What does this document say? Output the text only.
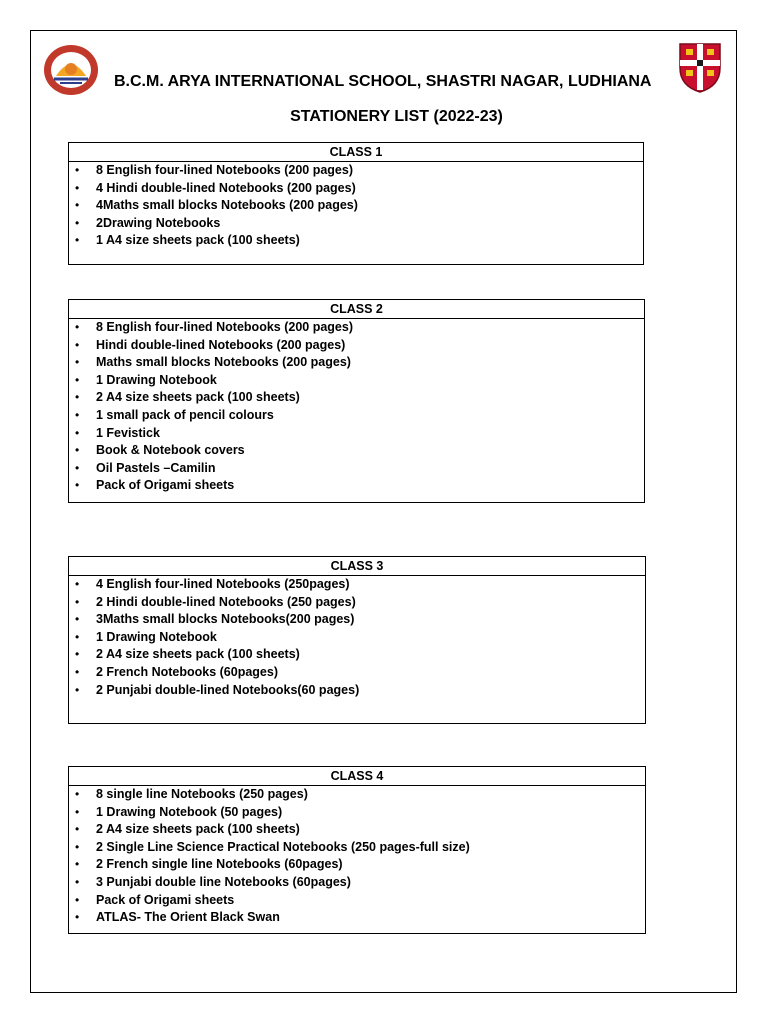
B.C.M. ARYA INTERNATIONAL SCHOOL, SHASTRI NAGAR, LUDHIANA
STATIONERY LIST (2022-23)
CLASS 1
• 8 English four-lined Notebooks (200 pages)
• 4 Hindi double-lined Notebooks (200 pages)
• 4Maths small blocks Notebooks (200 pages)
• 2Drawing Notebooks
• 1 A4 size sheets pack (100 sheets)
CLASS 2
• 8 English four-lined Notebooks (200 pages)
• Hindi double-lined Notebooks (200 pages)
• Maths small blocks Notebooks (200 pages)
• 1 Drawing Notebook
• 2 A4 size sheets pack (100 sheets)
• 1 small pack of pencil colours
• 1 Fevistick
• Book & Notebook covers
• Oil Pastels –Camilin
• Pack of Origami sheets
CLASS 3
• 4 English four-lined Notebooks (250pages)
• 2 Hindi double-lined Notebooks (250 pages)
• 3Maths small blocks Notebooks(200 pages)
• 1 Drawing Notebook
• 2 A4 size sheets pack (100 sheets)
• 2 French Notebooks (60pages)
• 2 Punjabi double-lined Notebooks(60 pages)
CLASS 4
• 8 single line Notebooks (250 pages)
• 1 Drawing Notebook (50 pages)
• 2 A4 size sheets pack (100 sheets)
• 2 Single Line Science Practical Notebooks (250 pages-full size)
• 2 French single line Notebooks (60pages)
• 3 Punjabi double line Notebooks (60pages)
• Pack of Origami sheets
• ATLAS- The Orient Black Swan
